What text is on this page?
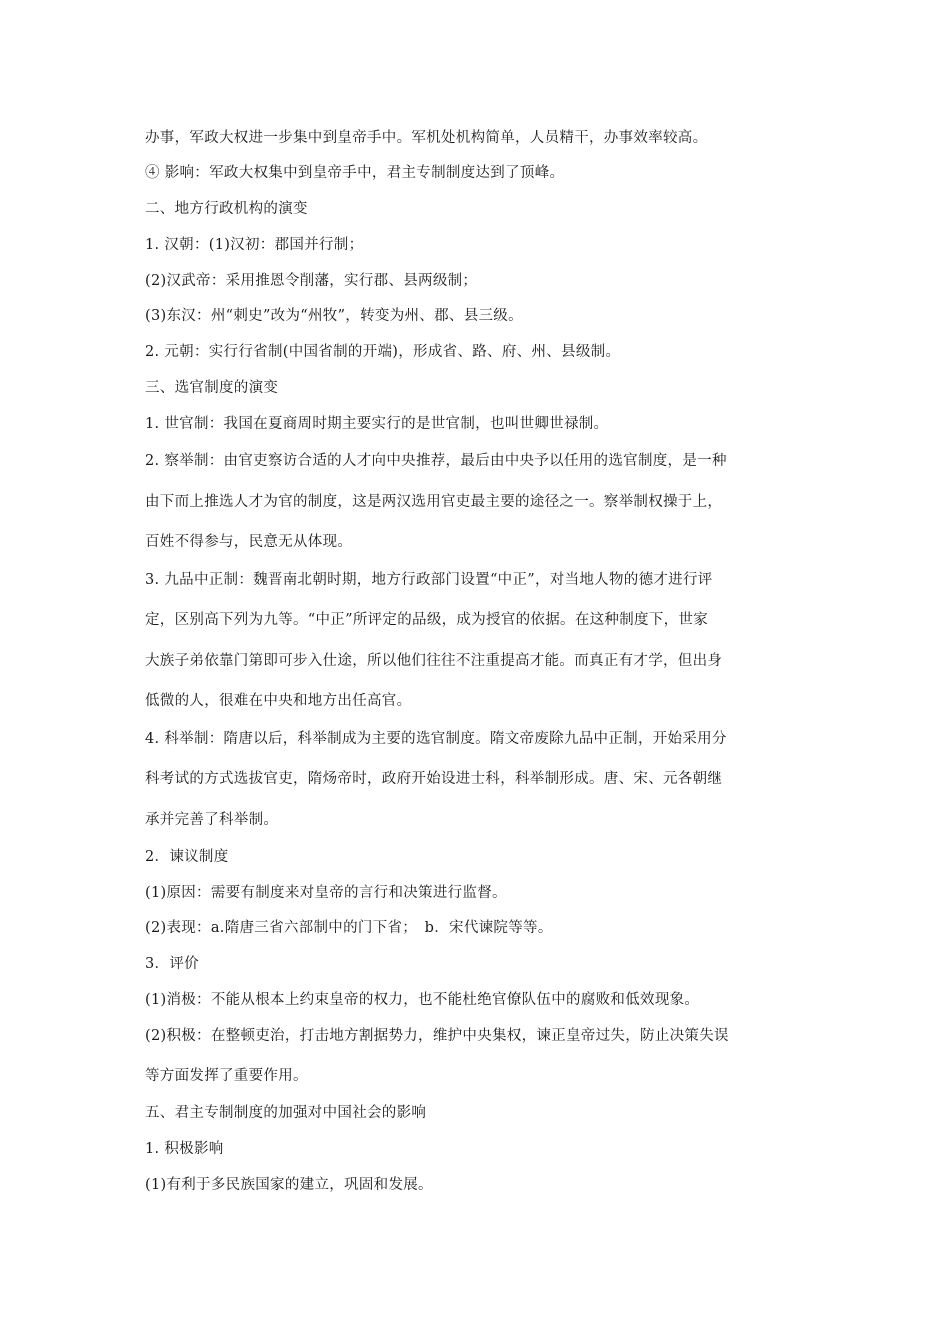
办事，军政大权进一步集中到皇帝手中。军机处机构简单，人员精干，办事效率较高。
④ 影响：军政大权集中到皇帝手中，君主专制制度达到了顶峰。
二、地方行政机构的演变
1. 汉朝：(1)汉初：郡国并行制；
(2)汉武帝：采用推恩令削藩，实行郡、县两级制；
(3)东汉：州“刺史”改为“州牧”，转变为州、郡、县三级。
2. 元朝：实行行省制(中国省制的开端)，形成省、路、府、州、县级制。
三、选官制度的演变
1. 世官制：我国在夏商周时期主要实行的是世官制，也叫世卿世禄制。
2. 察举制：由官吏察访合适的人才向中央推荐，最后由中央予以任用的选官制度，是一种
由下而上推选人才为官的制度，这是两汉选用官吏最主要的途径之一。察举制权操于上，
百姓不得参与，民意无从体现。
3. 九品中正制：魏晋南北朝时期，地方行政部门设置“中正”，对当地人物的德才进行评
定，区别高下列为九等。“中正”所评定的品级，成为授官的依据。在这种制度下，世家
大族子弟依靠门第即可步入仕途，所以他们往往不注重提高才能。而真正有才学，但出身
低微的人，很难在中央和地方出任高官。
4. 科举制：隋唐以后，科举制成为主要的选官制度。隋文帝废除九品中正制，开始采用分
科考试的方式选拔官吏，隋炀帝时，政府开始设进士科，科举制形成。唐、宋、元各朝继
承并完善了科举制。
2．谏议制度
(1)原因：需要有制度来对皇帝的言行和决策进行监督。
(2)表现：a.隋唐三省六部制中的门下省；　b．宋代谏院等等。
3．评价
(1)消极：不能从根本上约束皇帝的权力，也不能杜绝官僚队伍中的腐败和低效现象。
(2)积极：在整顿吏治，打击地方割据势力，维护中央集权，谏正皇帝过失，防止决策失误
等方面发挥了重要作用。
五、君主专制制度的加强对中国社会的影响
1. 积极影响
(1)有利于多民族国家的建立，巩固和发展。
